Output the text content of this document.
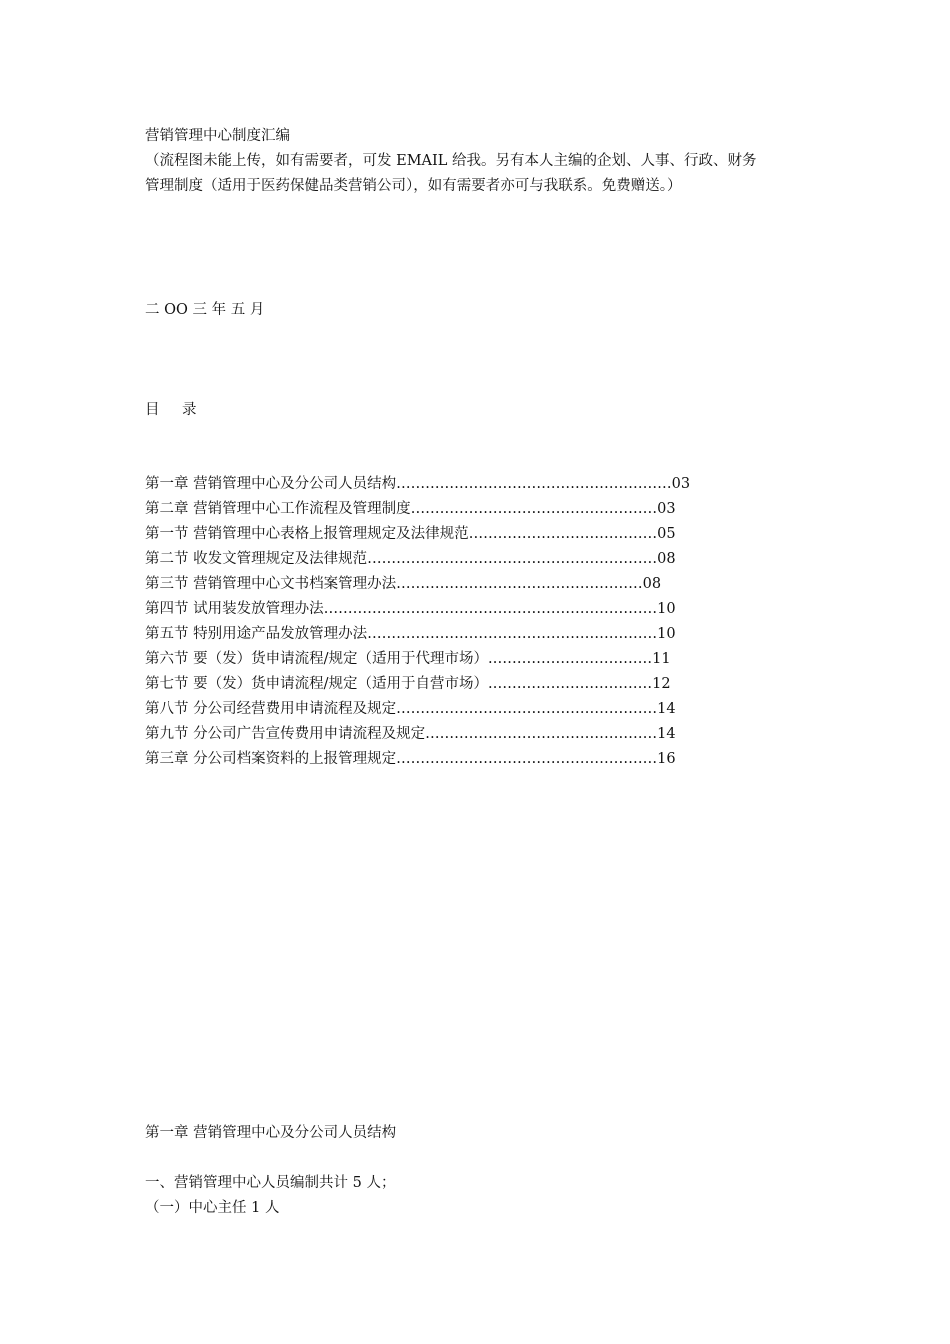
营销管理中心制度汇编
（流程图未能上传，如有需要者，可发 EMAIL 给我。另有本人主编的企划、人事、行政、财务
管理制度（适用于医药保健品类营销公司），如有需要者亦可与我联系。免费赠送。）
二 OO 三 年 五 月
目　录
第一章 营销管理中心及分公司人员结构…………………………………………………03
第二章 营销管理中心工作流程及管理制度……………………………………………03
第一节 营销管理中心表格上报管理规定及法律规范…………………………………05
第二节 收发文管理规定及法律规范……………………………………………………08
第三节 营销管理中心文书档案管理办法……………………………………………08
第四节 试用装发放管理办法……………………………………………………………10
第五节 特别用途产品发放管理办法……………………………………………………10
第六节 要（发）货申请流程/规定（适用于代理市场）.……………………………11
第七节 要（发）货申请流程/规定（适用于自营市场）.……………………………12
第八节 分公司经营费用申请流程及规定………………………………………………14
第九节 分公司广告宣传费用申请流程及规定…………………………………………14
第三章 分公司档案资料的上报管理规定………………………………………………16
第一章 营销管理中心及分公司人员结构
一、营销管理中心人员编制共计 5 人；
（一）中心主任 1 人
